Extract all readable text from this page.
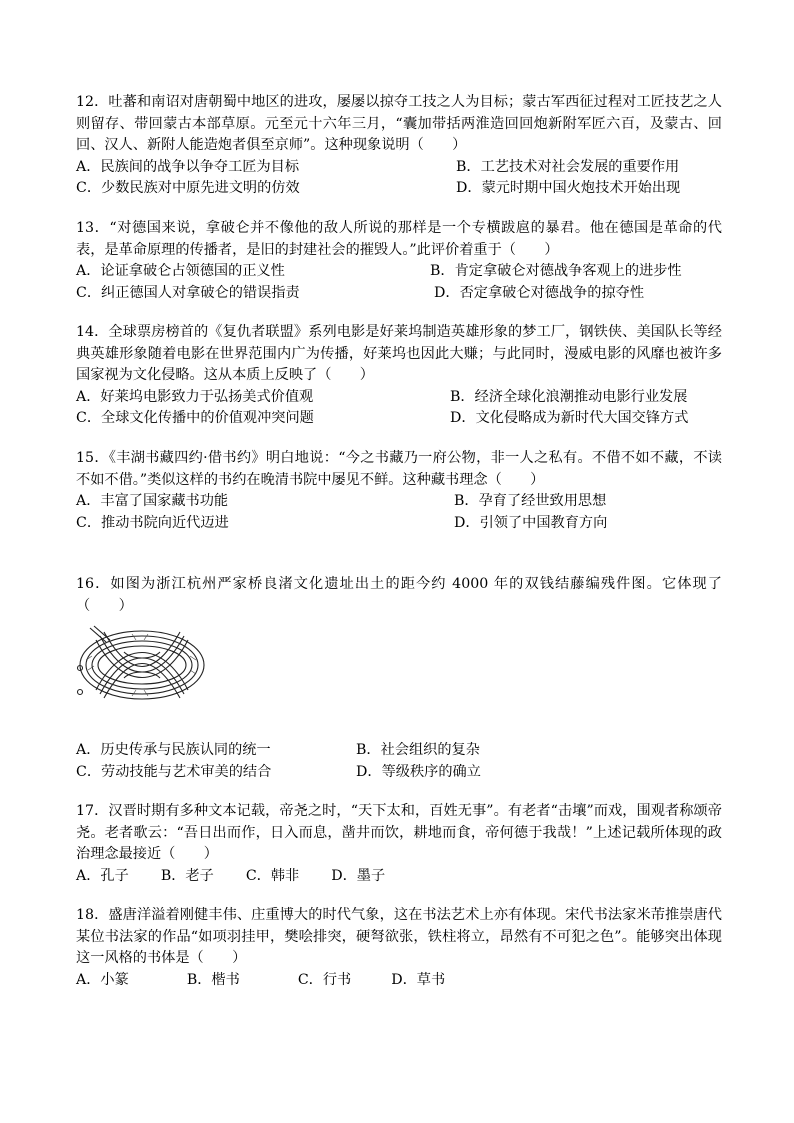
12．吐蕃和南诏对唐朝蜀中地区的进攻，屡屡以掠夺工技之人为目标；蒙古军西征过程对工匠技艺之人则留存、带回蒙古本部草原。元至元十六年三月，“囊加带括两淮造回回炮新附军匠六百，及蒙古、回回、汉人、新附人能造炮者俱至京师”。这种现象说明（　　）

A．民族间的战争以争夺工匠为目标	B．工艺技术对社会发展的重要作用
C．少数民族对中原先进文明的仿效	D．蒙元时期中国火炮技术开始出现

13．“对德国来说，拿破仑并不像他的敌人所说的那样是一个专横跋扈的暴君。他在德国是革命的代表，是革命原理的传播者，是旧的封建社会的摧毁人。”此评价着重于（　　）

A．论证拿破仑占领德国的正义性	B．肯定拿破仑对德战争客观上的进步性
C．纠正德国人对拿破仑的错误指责	D．否定拿破仑对德战争的掠夺性

14．全球票房榜首的《复仇者联盟》系列电影是好莱坞制造英雄形象的梦工厂，钢铁侠、美国队长等经典英雄形象随着电影在世界范围内广为传播，好莱坞也因此大赚；与此同时，漫威电影的风靡也被许多国家视为文化侵略。这从本质上反映了（　　）

A．好莱坞电影致力于弘扬美式价值观	B．经济全球化浪潮推动电影行业发展
C．全球文化传播中的价值观冲突问题	D．文化侵略成为新时代大国交锋方式

15．《丰湖书藏四约·借书约》明白地说：“今之书藏乃一府公物，非一人之私有。不借不如不藏，不读不如不借。”类似这样的书约在晚清书院中屡见不鲜。这种藏书理念（　　）

A．丰富了国家藏书功能	B．孕育了经世致用思想
C．推动书院向近代迈进	D．引领了中国教育方向

16．如图为浙江杭州严家桥良渚文化遗址出土的距今约 4000 年的双钱结藤编残件图。它体现了（　　）

A．历史传承与民族认同的统一	B．社会组织的复杂
C．劳动技能与艺术审美的结合	D．等级秩序的确立

17．汉晋时期有多种文本记载，帝尧之时，“天下太和，百姓无事”。有老者“击壤”而戏，围观者称颂帝尧。老者歌云：“吾日出而作，日入而息，凿井而饮，耕地而食，帝何德于我哉！”上述记载所体现的政治理念最接近（　　）

A．孔子 B．老子 C．韩非 D．墨子

18．盛唐洋溢着刚健丰伟、庄重博大的时代气象，这在书法艺术上亦有体现。宋代书法家米芾推崇唐代某位书法家的作品“如项羽挂甲，樊哙排突，硬弩欲张，铁柱将立，昂然有不可犯之色”。能够突出体现这一风格的书体是（　　）

A．小篆	B．楷书	C．行书	D．草书
